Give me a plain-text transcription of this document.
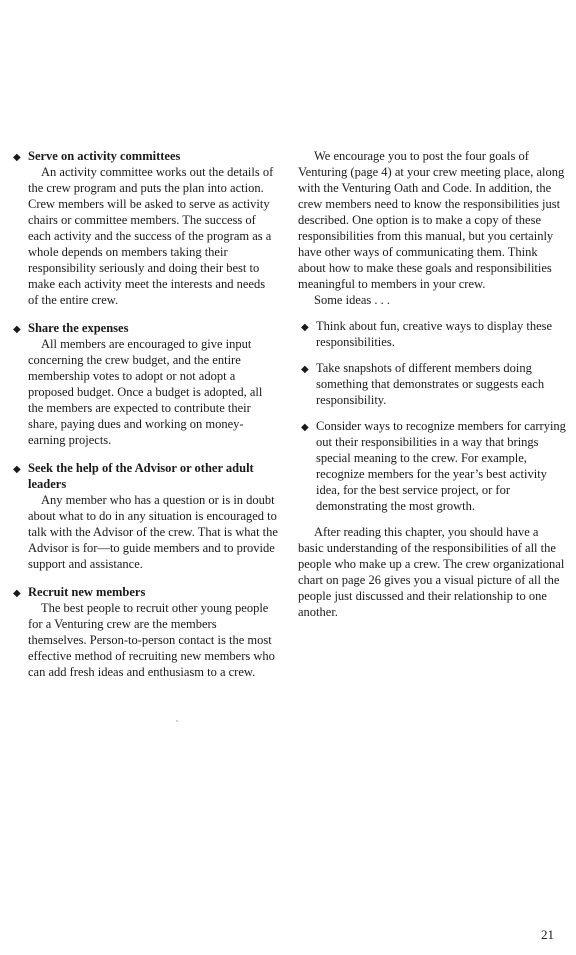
◆ Serve on activity committees

An activity committee works out the details of the crew program and puts the plan into action. Crew members will be asked to serve as activity chairs or committee members. The success of each activity and the success of the program as a whole depends on members taking their responsibility seriously and doing their best to make each activity meet the interests and needs of the entire crew.

◆ Share the expenses

All members are encouraged to give input concerning the crew budget, and the entire membership votes to adopt or not adopt a proposed budget. Once a budget is adopted, all the members are expected to contribute their share, paying dues and working on money-earning projects.

◆ Seek the help of the Advisor or other adult leaders

Any member who has a question or is in doubt about what to do in any situation is encouraged to talk with the Advisor of the crew. That is what the Advisor is for—to guide members and to provide support and assistance.

◆ Recruit new members

The best people to recruit other young people for a Venturing crew are the members themselves. Person-to-person contact is the most effective method of recruiting new members who can add fresh ideas and enthusiasm to a crew.

We encourage you to post the four goals of Venturing (page 4) at your crew meeting place, along with the Venturing Oath and Code. In addition, the crew members need to know the responsibilities just described. One option is to make a copy of these responsibilities from this manual, but you certainly have other ways of communicating them. Think about how to make these goals and responsibilities meaningful to members in your crew.

Some ideas . . .

◆ Think about fun, creative ways to display these responsibilities.
◆ Take snapshots of different members doing something that demonstrates or suggests each responsibility.
◆ Consider ways to recognize members for carrying out their responsibilities in a way that brings special meaning to the crew. For example, recognize members for the year’s best activity idea, for the best service project, or for demonstrating the most growth.

After reading this chapter, you should have a basic understanding of the responsibilities of all the people who make up a crew. The crew organizational chart on page 26 gives you a visual picture of all the people just discussed and their relationship to one another.

21
